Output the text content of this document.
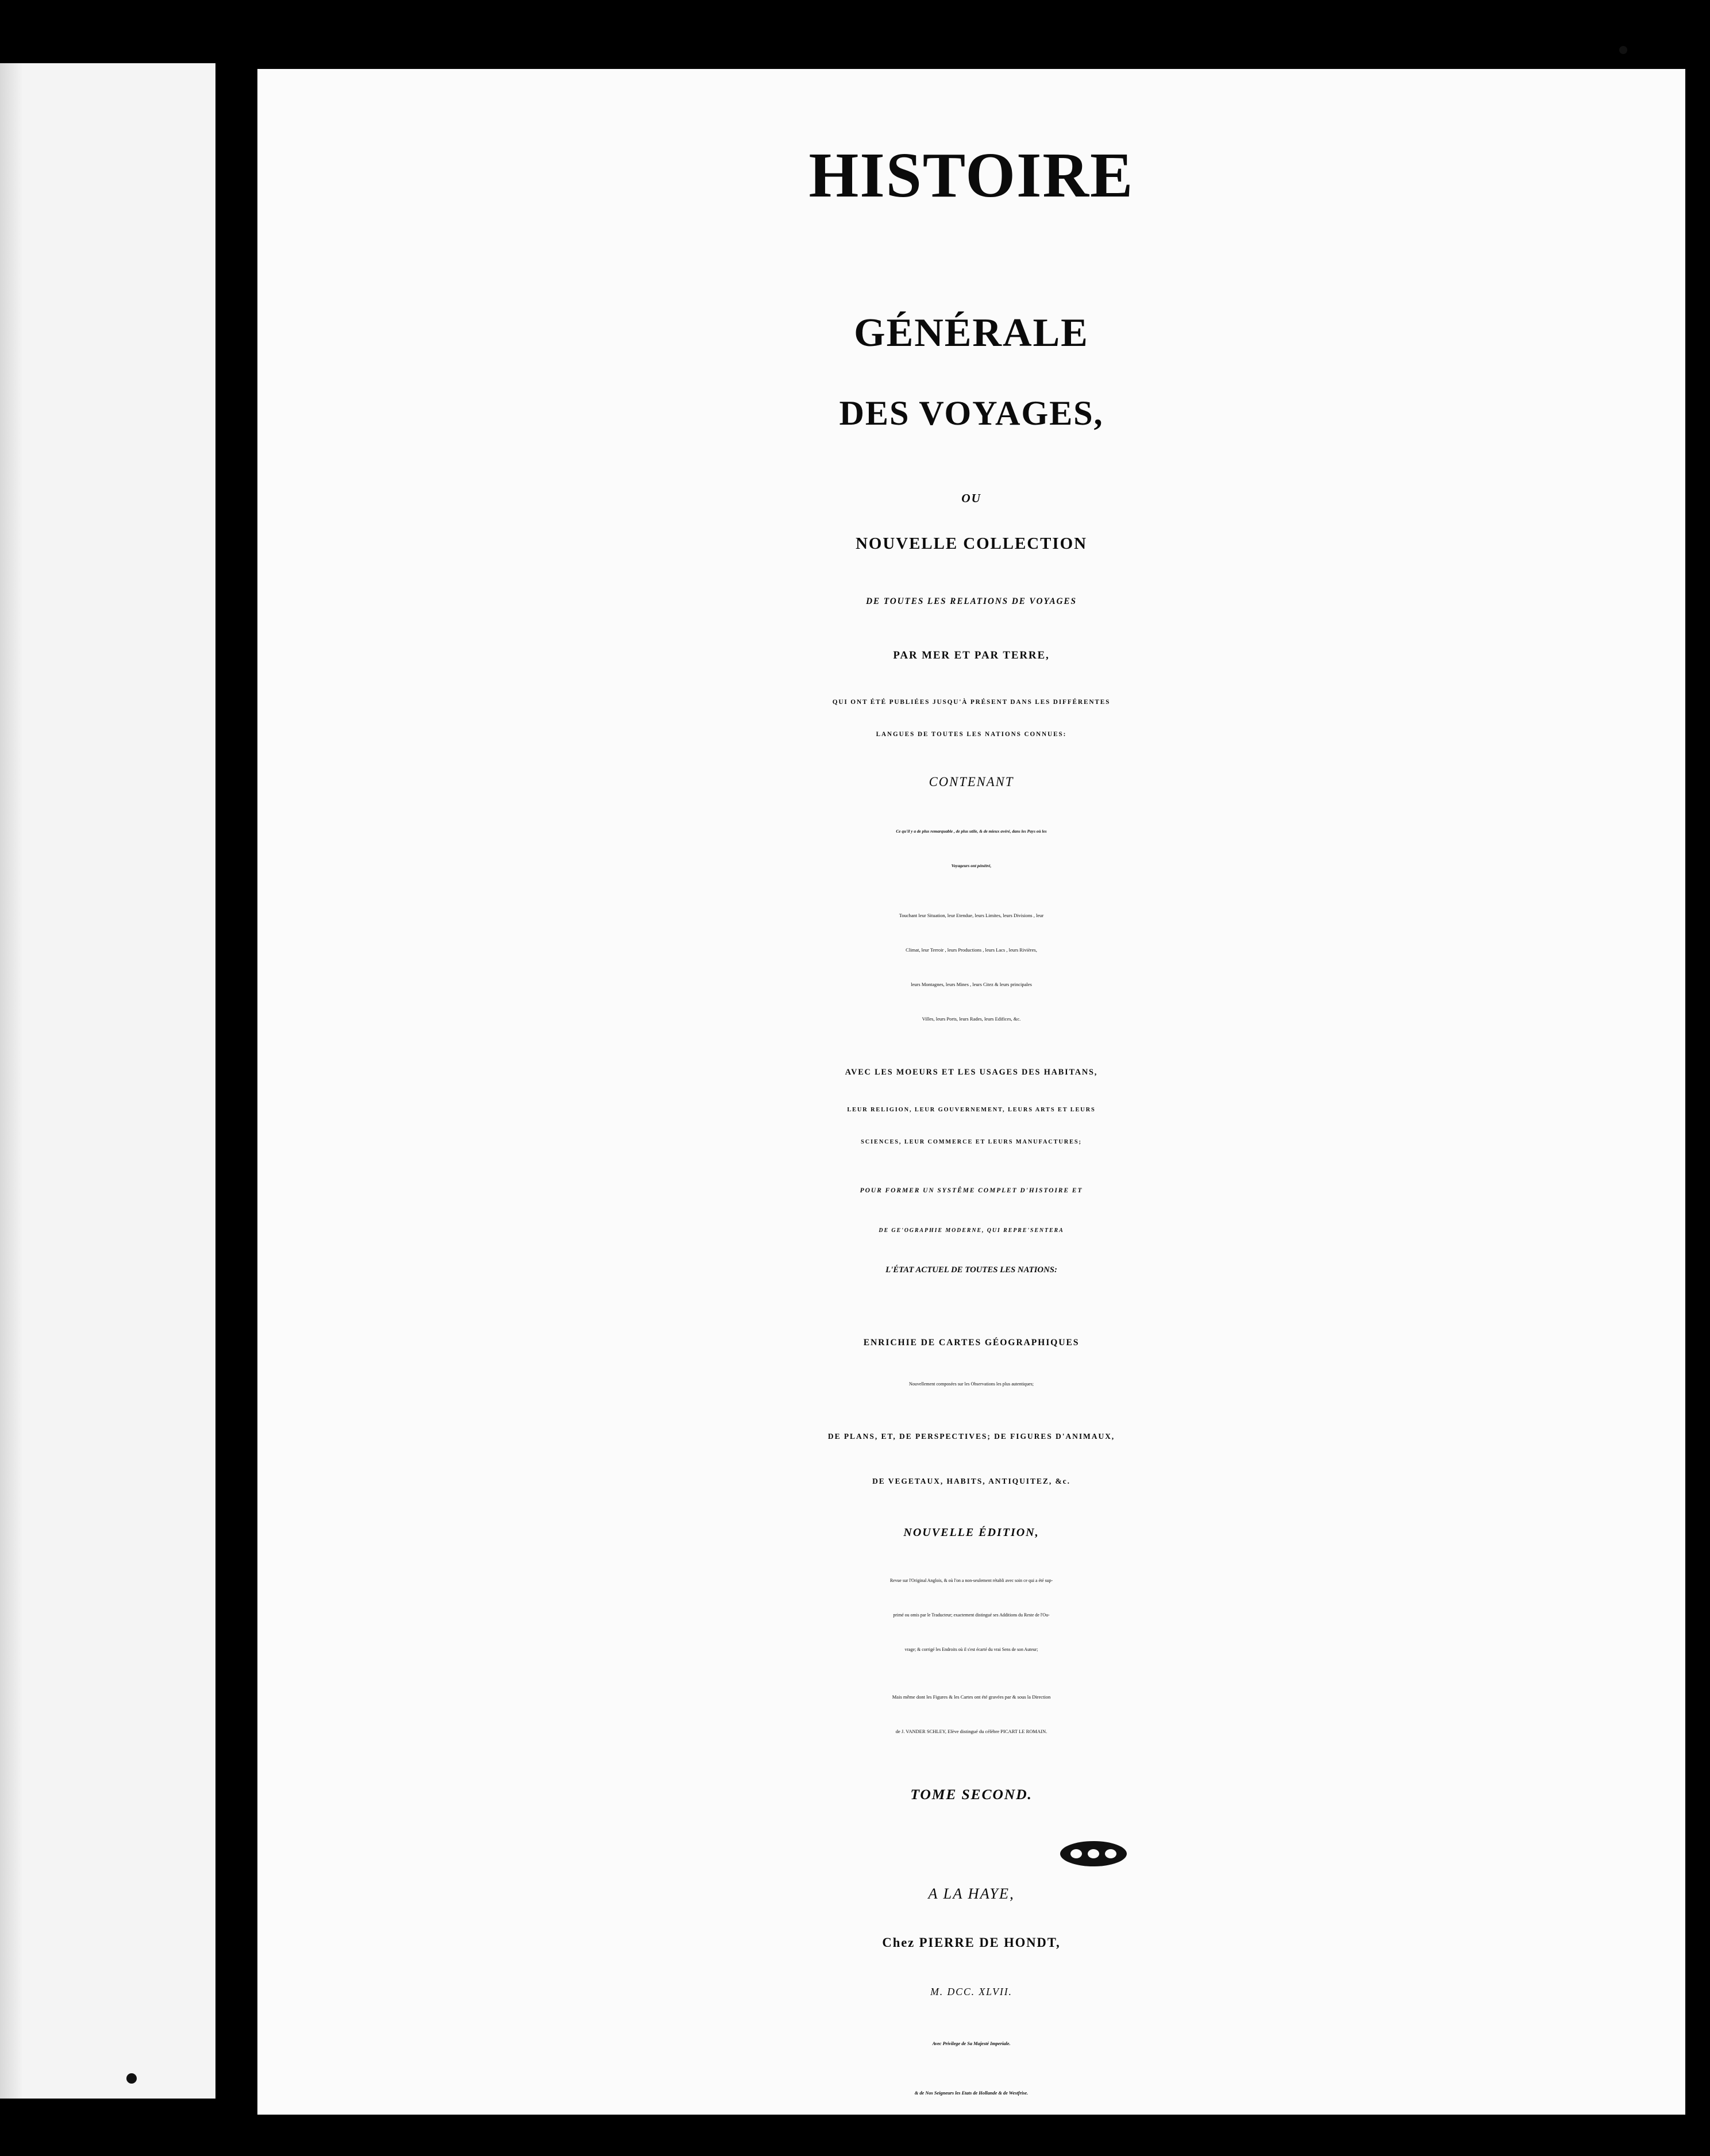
HISTOIRE
GÉNÉRALE
DES VOYAGES,
OU
NOUVELLE COLLECTION
DE TOUTES LES RELATIONS DE VOYAGES
PAR MER ET PAR TERRE,
QUI ONT ÉTÉ PUBLIÉES JUSQU'À PRÉSENT DANS LES DIFFÉRENTES
LANGUES DE TOUTES LES NATIONS CONNUES:
CONTENANT
Ce qu'il y a de plus remarquable , de plus utile, & de mieux avéré, dans les Pays où les
Voyageurs ont pénétré,
Touchant leur Situation, leur Etendue, leurs Limites, leurs Divisions , leur
Climat, leur Terroir , leurs Productions , leurs Lacs , leurs Rivières,
leurs Montagnes, leurs Mines , leurs Citez & leurs principales
Villes, leurs Ports, leurs Rades, leurs Edifices, &c.
AVEC LES MOEURS ET LES USAGES DES HABITANS,
LEUR RELIGION, LEUR GOUVERNEMENT, LEURS ARTS ET LEURS
SCIENCES, LEUR COMMERCE ET LEURS MANUFACTURES;
POUR FORMER UN SYSTÊME COMPLET D'HISTOIRE ET
DE GE'OGRAPHIE MODERNE, QUI REPRE'SENTERA
L'ÉTAT ACTUEL DE TOUTES LES NATIONS:
ENRICHIE DE CARTES GÉOGRAPHIQUES
Nouvellement composées sur les Observations les plus autentiques;
DE PLANS, ET, DE PERSPECTIVES; DE FIGURES D'ANIMAUX,
DE VEGETAUX, HABITS, ANTIQUITEZ, &c.
NOUVELLE ÉDITION,
Revue sur l'Original Anglois, & où l'on a non-seulement rétabli avec soin ce qui a été sup-
primé ou omis par le Traducteur; exactement distingué ses Additions du Reste de l'Ou-
vrage; & corrigé les Endroits où il s'est écarté du vrai Sens de son Auteur;
Mais même dont les Figures & les Cartes ont été gravées par & sous la Direction
de J. VANDER SCHLEY, Elève distingué du célèbre PICART LE ROMAIN.
TOME SECOND.
A LA HAYE,
Chez PIERRE DE HONDT,
M. DCC. XLVII.
Avec Privilege de Sa Majesté Imperiale.
& de Nos Seigneurs les Etats de Hollande & de Westfrise.
